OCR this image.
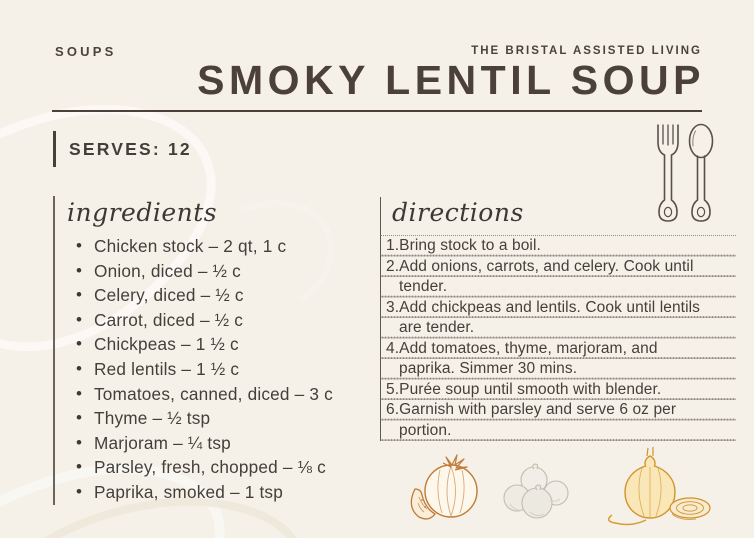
SOUPS	THE BRISTAL ASSISTED LIVING
SMOKY LENTIL SOUP
SERVES: 12
ingredients
• Chicken stock – 2 qt, 1 c
• Onion, diced – ½ c
• Celery, diced – ½ c
• Carrot, diced – ½ c
• Chickpeas – 1 ½ c
• Red lentils – 1 ½ c
• Tomatoes, canned, diced – 3 c
• Thyme – ½ tsp
• Marjoram – ¼ tsp
• Parsley, fresh, chopped – ⅛ c
• Paprika, smoked – 1 tsp
directions
1.Bring stock to a boil.
2.Add onions, carrots, and celery. Cook until
tender.
3.Add chickpeas and lentils. Cook until lentils
are tender.
4.Add tomatoes, thyme, marjoram, and
paprika. Simmer 30 mins.
5.Purée soup until smooth with blender.
6.Garnish with parsley and serve 6 oz per
portion.
